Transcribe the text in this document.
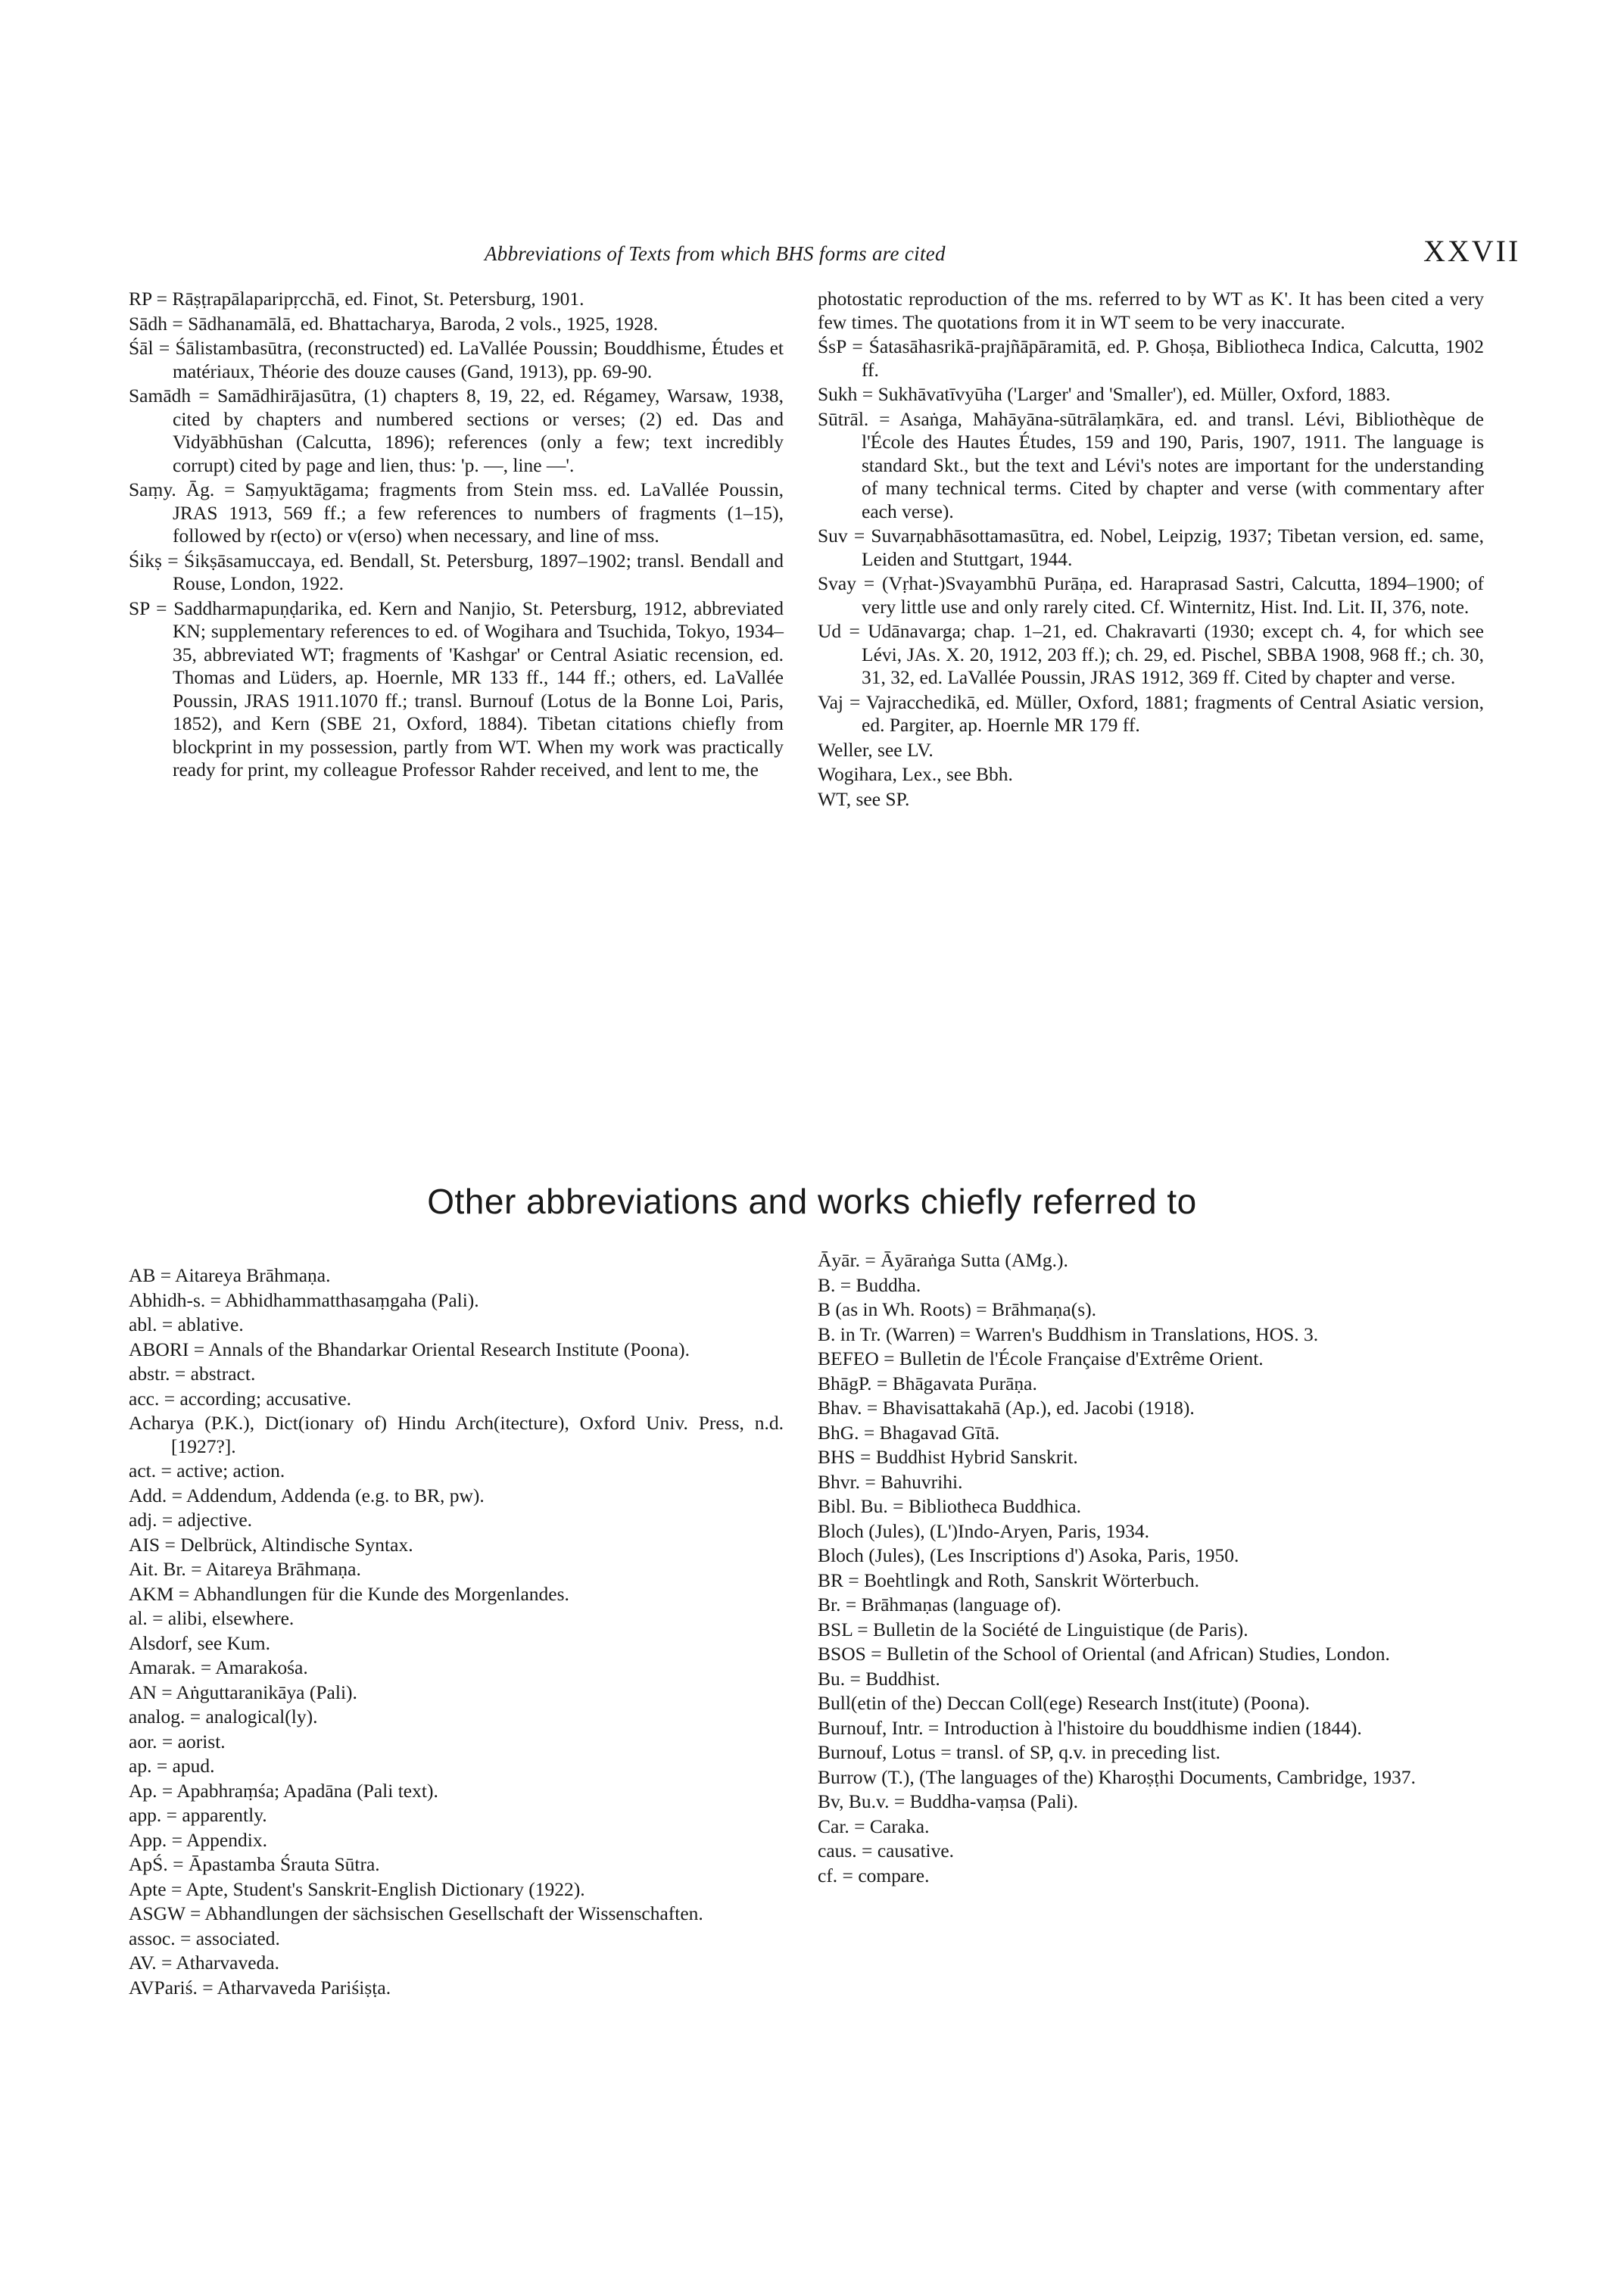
Abbreviations of Texts from which BHS forms are cited	XXVII

RP = Rāṣṭrapālaparipṛcchā, ed. Finot, St. Petersburg, 1901.

Sādh = Sādhanamālā, ed. Bhattacharya, Baroda, 2 vols., 1925, 1928.

Śāl = Śālistambasūtra, (reconstructed) ed. LaVallée Poussin; Bouddhisme, Études et matériaux, Théorie des douze causes (Gand, 1913), pp. 69-90.

Samādh = Samādhirājasūtra, (1) chapters 8, 19, 22, ed. Régamey, Warsaw, 1938, cited by chapters and numbered sections or verses; (2) ed. Das and Vidyābhūshan (Calcutta, 1896); references (only a few; text incredibly corrupt) cited by page and lien, thus: 'p. —, line —'.

Saṃy. Āg. = Saṃyuktāgama; fragments from Stein mss. ed. LaVallée Poussin, JRAS 1913, 569 ff.; a few references to numbers of fragments (1–15), followed by r(ecto) or v(erso) when necessary, and line of mss.

Śikṣ = Śikṣāsamuccaya, ed. Bendall, St. Petersburg, 1897–1902; transl. Bendall and Rouse, London, 1922.

SP = Saddharmapuṇḍarika, ed. Kern and Nanjio, St. Petersburg, 1912, abbreviated KN; supplementary references to ed. of Wogihara and Tsuchida, Tokyo, 1934–35, abbreviated WT; fragments of 'Kashgar' or Central Asiatic recension, ed. Thomas and Lüders, ap. Hoernle, MR 133 ff., 144 ff.; others, ed. LaVallée Poussin, JRAS 1911.1070 ff.; transl. Burnouf (Lotus de la Bonne Loi, Paris, 1852), and Kern (SBE 21, Oxford, 1884). Tibetan citations chiefly from blockprint in my possession, partly from WT. When my work was practically ready for print, my colleague Professor Rahder received, and lent to me, the

photostatic reproduction of the ms. referred to by WT as K'. It has been cited a very few times. The quotations from it in WT seem to be very inaccurate.

ŚsP = Śatasāhasrikā-prajñāpāramitā, ed. P. Ghoṣa, Bibliotheca Indica, Calcutta, 1902 ff.

Sukh = Sukhāvatīvyūha ('Larger' and 'Smaller'), ed. Müller, Oxford, 1883.

Sūtrāl. = Asaṅga, Mahāyāna-sūtrālaṃkāra, ed. and transl. Lévi, Bibliothèque de l'École des Hautes Études, 159 and 190, Paris, 1907, 1911. The language is standard Skt., but the text and Lévi's notes are important for the understanding of many technical terms. Cited by chapter and verse (with commentary after each verse).

Suv = Suvarṇabhāsottamasūtra, ed. Nobel, Leipzig, 1937; Tibetan version, ed. same, Leiden and Stuttgart, 1944.

Svay = (Vṛhat-)Svayambhū Purāṇa, ed. Haraprasad Sastri, Calcutta, 1894–1900; of very little use and only rarely cited. Cf. Winternitz, Hist. Ind. Lit. II, 376, note.

Ud = Udānavarga; chap. 1–21, ed. Chakravarti (1930; except ch. 4, for which see Lévi, JAs. X. 20, 1912, 203 ff.); ch. 29, ed. Pischel, SBBA 1908, 968 ff.; ch. 30, 31, 32, ed. LaVallée Poussin, JRAS 1912, 369 ff. Cited by chapter and verse.

Vaj = Vajracchedikā, ed. Müller, Oxford, 1881; fragments of Central Asiatic version, ed. Pargiter, ap. Hoernle MR 179 ff.

Weller, see LV.

Wogihara, Lex., see Bbh.

WT, see SP.

Other abbreviations and works chiefly referred to

AB = Aitareya Brāhmaṇa.

Abhidh-s. = Abhidhammatthasaṃgaha (Pali).

abl. = ablative.

ABORI = Annals of the Bhandarkar Oriental Research Institute (Poona).

abstr. = abstract.

acc. = according; accusative.

Acharya (P.K.), Dict(ionary of) Hindu Arch(itecture), Oxford Univ. Press, n.d. [1927?].

act. = active; action.

Add. = Addendum, Addenda (e.g. to BR, pw).

adj. = adjective.

AIS = Delbrück, Altindische Syntax.

Ait. Br. = Aitareya Brāhmaṇa.

AKM = Abhandlungen für die Kunde des Morgenlandes.

al. = alibi, elsewhere.

Alsdorf, see Kum.

Amarak. = Amarakośa.

AN = Aṅguttaranikāya (Pali).

analog. = analogical(ly).

aor. = aorist.

ap. = apud.

Ap. = Apabhraṃśa; Apadāna (Pali text).

app. = apparently.

App. = Appendix.

ApŚ. = Āpastamba Śrauta Sūtra.

Apte = Apte, Student's Sanskrit-English Dictionary (1922).

ASGW = Abhandlungen der sächsischen Gesellschaft der Wissenschaften.

assoc. = associated.

AV. = Atharvaveda.

AVPariś. = Atharvaveda Pariśiṣṭa.

Āyār. = Āyāraṅga Sutta (AMg.).

B. = Buddha.

B (as in Wh. Roots) = Brāhmaṇa(s).

B. in Tr. (Warren) = Warren's Buddhism in Translations, HOS. 3.

BEFEO = Bulletin de l'École Française d'Extrême Orient.

BhāgP. = Bhāgavata Purāṇa.

Bhav. = Bhavisattakahā (Ap.), ed. Jacobi (1918).

BhG. = Bhagavad Gītā.

BHS = Buddhist Hybrid Sanskrit.

Bhvr. = Bahuvrihi.

Bibl. Bu. = Bibliotheca Buddhica.

Bloch (Jules), (L')Indo-Aryen, Paris, 1934.

Bloch (Jules), (Les Inscriptions d') Asoka, Paris, 1950.

BR = Boehtlingk and Roth, Sanskrit Wörterbuch.

Br. = Brāhmaṇas (language of).

BSL = Bulletin de la Société de Linguistique (de Paris).

BSOS = Bulletin of the School of Oriental (and African) Studies, London.

Bu. = Buddhist.

Bull(etin of the) Deccan Coll(ege) Research Inst(itute) (Poona).

Burnouf, Intr. = Introduction à l'histoire du bouddhisme indien (1844).

Burnouf, Lotus = transl. of SP, q.v. in preceding list.

Burrow (T.), (The languages of the) Kharoṣṭhi Documents, Cambridge, 1937.

Bv, Bu.v. = Buddha-vaṃsa (Pali).

Car. = Caraka.

caus. = causative.

cf. = compare.
